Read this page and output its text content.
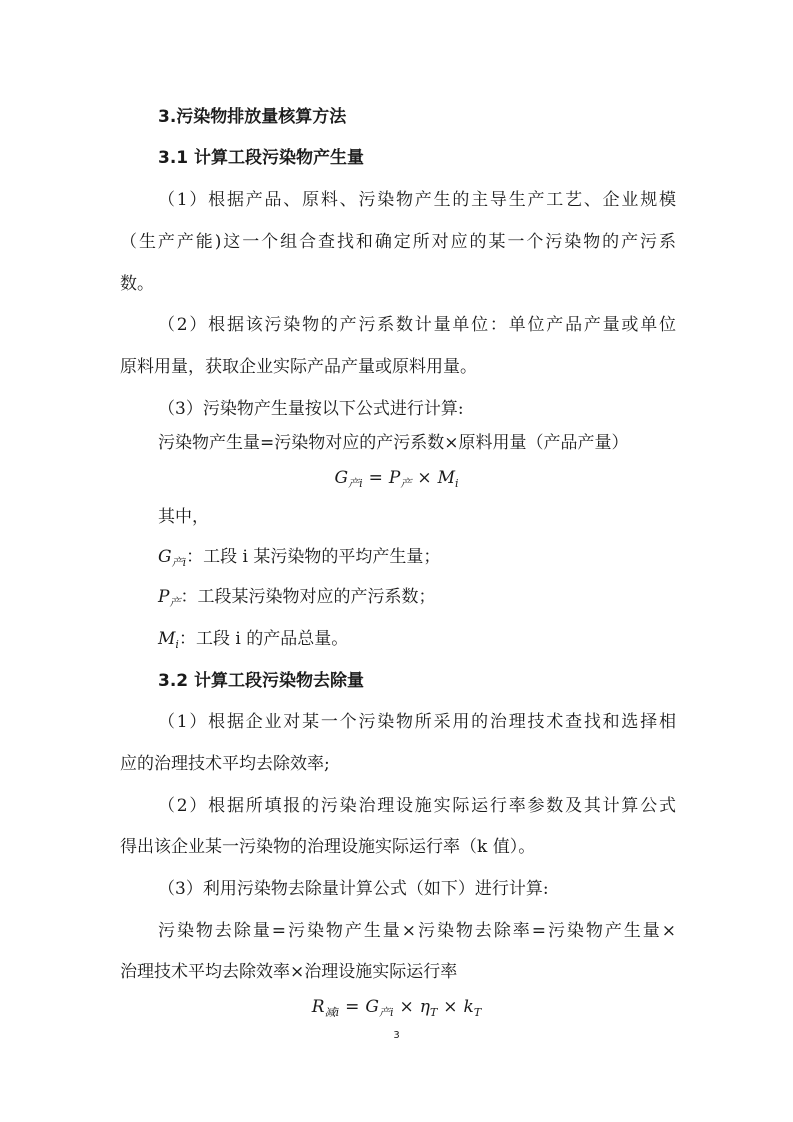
3.污染物排放量核算方法
3.1 计算工段污染物产生量
（1）根据产品、原料、污染物产生的主导生产工艺、企业规模
（生产产能)这一个组合查找和确定所对应的某一个污染物的产污系
数。
（2）根据该污染物的产污系数计量单位：单位产品产量或单位
原料用量，获取企业实际产品产量或原料用量。
（3）污染物产生量按以下公式进行计算:
污染物产生量=污染物对应的产污系数×原料用量（产品产量）
$G_{产i} = P_产 \times M_i$
其中，
$G_{产i}$：工段 i 某污染物的平均产生量；
$P_产$：工段某污染物对应的产污系数；
$M_i$：工段 i 的产品总量。
3.2 计算工段污染物去除量
（1）根据企业对某一个污染物所采用的治理技术查找和选择相
应的治理技术平均去除效率;
（2）根据所填报的污染治理设施实际运行率参数及其计算公式
得出该企业某一污染物的治理设施实际运行率（k 值）。
（3）利用污染物去除量计算公式（如下）进行计算:
污染物去除量=污染物产生量×污染物去除率=污染物产生量×
治理技术平均去除效率×治理设施实际运行率
$R_{减i} = G_{产i} \times \eta_T \times k_T$
3
